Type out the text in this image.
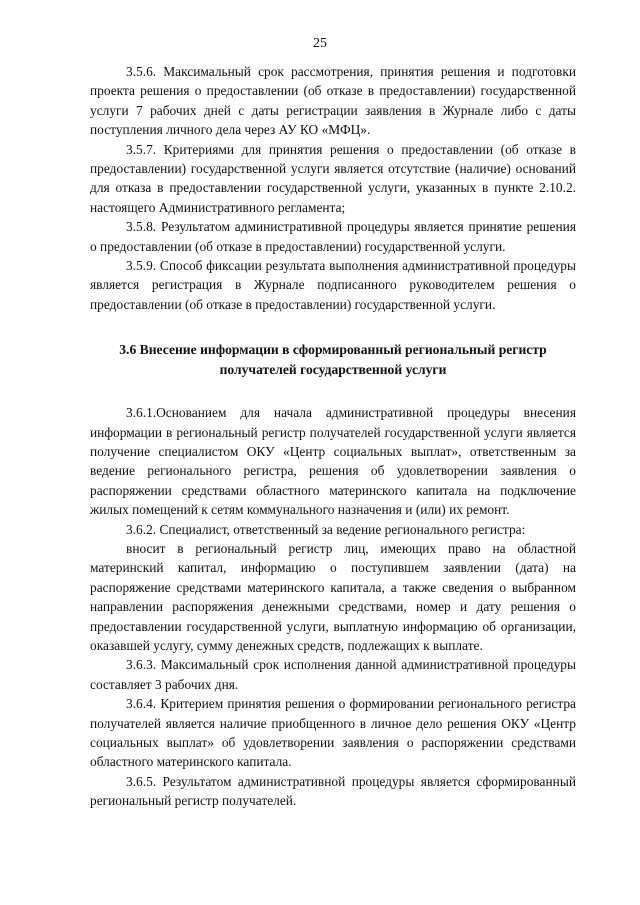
25

3.5.6. Максимальный срок рассмотрения, принятия решения и подготовки проекта решения о предоставлении (об отказе в предоставлении) государственной услуги 7 рабочих дней с даты регистрации заявления в Журнале либо с даты поступления личного дела через АУ КО «МФЦ».

3.5.7. Критериями для принятия решения о предоставлении (об отказе в предоставлении) государственной услуги является отсутствие (наличие) оснований для отказа в предоставлении государственной услуги, указанных в пункте 2.10.2. настоящего Административного регламента;

3.5.8. Результатом административной процедуры является принятие решения о предоставлении (об отказе в предоставлении) государственной услуги.

3.5.9. Способ фиксации результата выполнения административной процедуры является регистрация в Журнале подписанного руководителем решения о предоставлении (об отказе в предоставлении) государственной услуги.

3.6 Внесение информации в сформированный региональный регистр получателей государственной услуги

3.6.1.Основанием для начала административной процедуры внесения информации в региональный регистр получателей государственной услуги является получение специалистом ОКУ «Центр социальных выплат», ответственным за ведение регионального регистра, решения об удовлетворении заявления о распоряжении средствами областного материнского капитала на подключение жилых помещений к сетям коммунального назначения и (или) их ремонт.

3.6.2. Специалист, ответственный за ведение регионального регистра:

вносит в региональный регистр лиц, имеющих право на областной материнский капитал, информацию о поступившем заявлении (дата) на распоряжение средствами материнского капитала, а также сведения о выбранном направлении распоряжения денежными средствами, номер и дату решения о предоставлении государственной услуги, выплатную информацию об организации, оказавшей услугу, сумму денежных средств, подлежащих к выплате.

3.6.3. Максимальный срок исполнения данной административной процедуры составляет 3 рабочих дня.

3.6.4. Критерием принятия решения о формировании регионального регистра получателей является наличие приобщенного в личное дело решения ОКУ «Центр социальных выплат» об удовлетворении заявления о распоряжении средствами областного материнского капитала.

3.6.5. Результатом административной процедуры является сформированный региональный регистр получателей.
